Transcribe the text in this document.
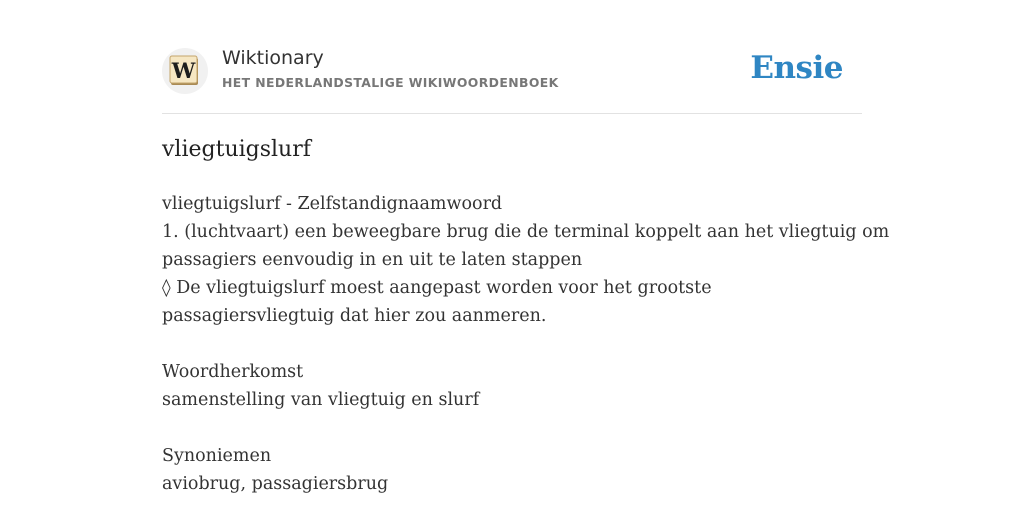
W Wiktionary
HET NEDERLANDSTALIGE WIKIWOORDENBOEK	Ensie
vliegtuigslurf
vliegtuigslurf - Zelfstandignaamwoord
1. (luchtvaart) een beweegbare brug die de terminal koppelt aan het vliegtuig om
passagiers eenvoudig in en uit te laten stappen
◊ De vliegtuigslurf moest aangepast worden voor het grootste
passagiersvliegtuig dat hier zou aanmeren.
Woordherkomst
samenstelling van vliegtuig en slurf
Synoniemen
aviobrug, passagiersbrug
